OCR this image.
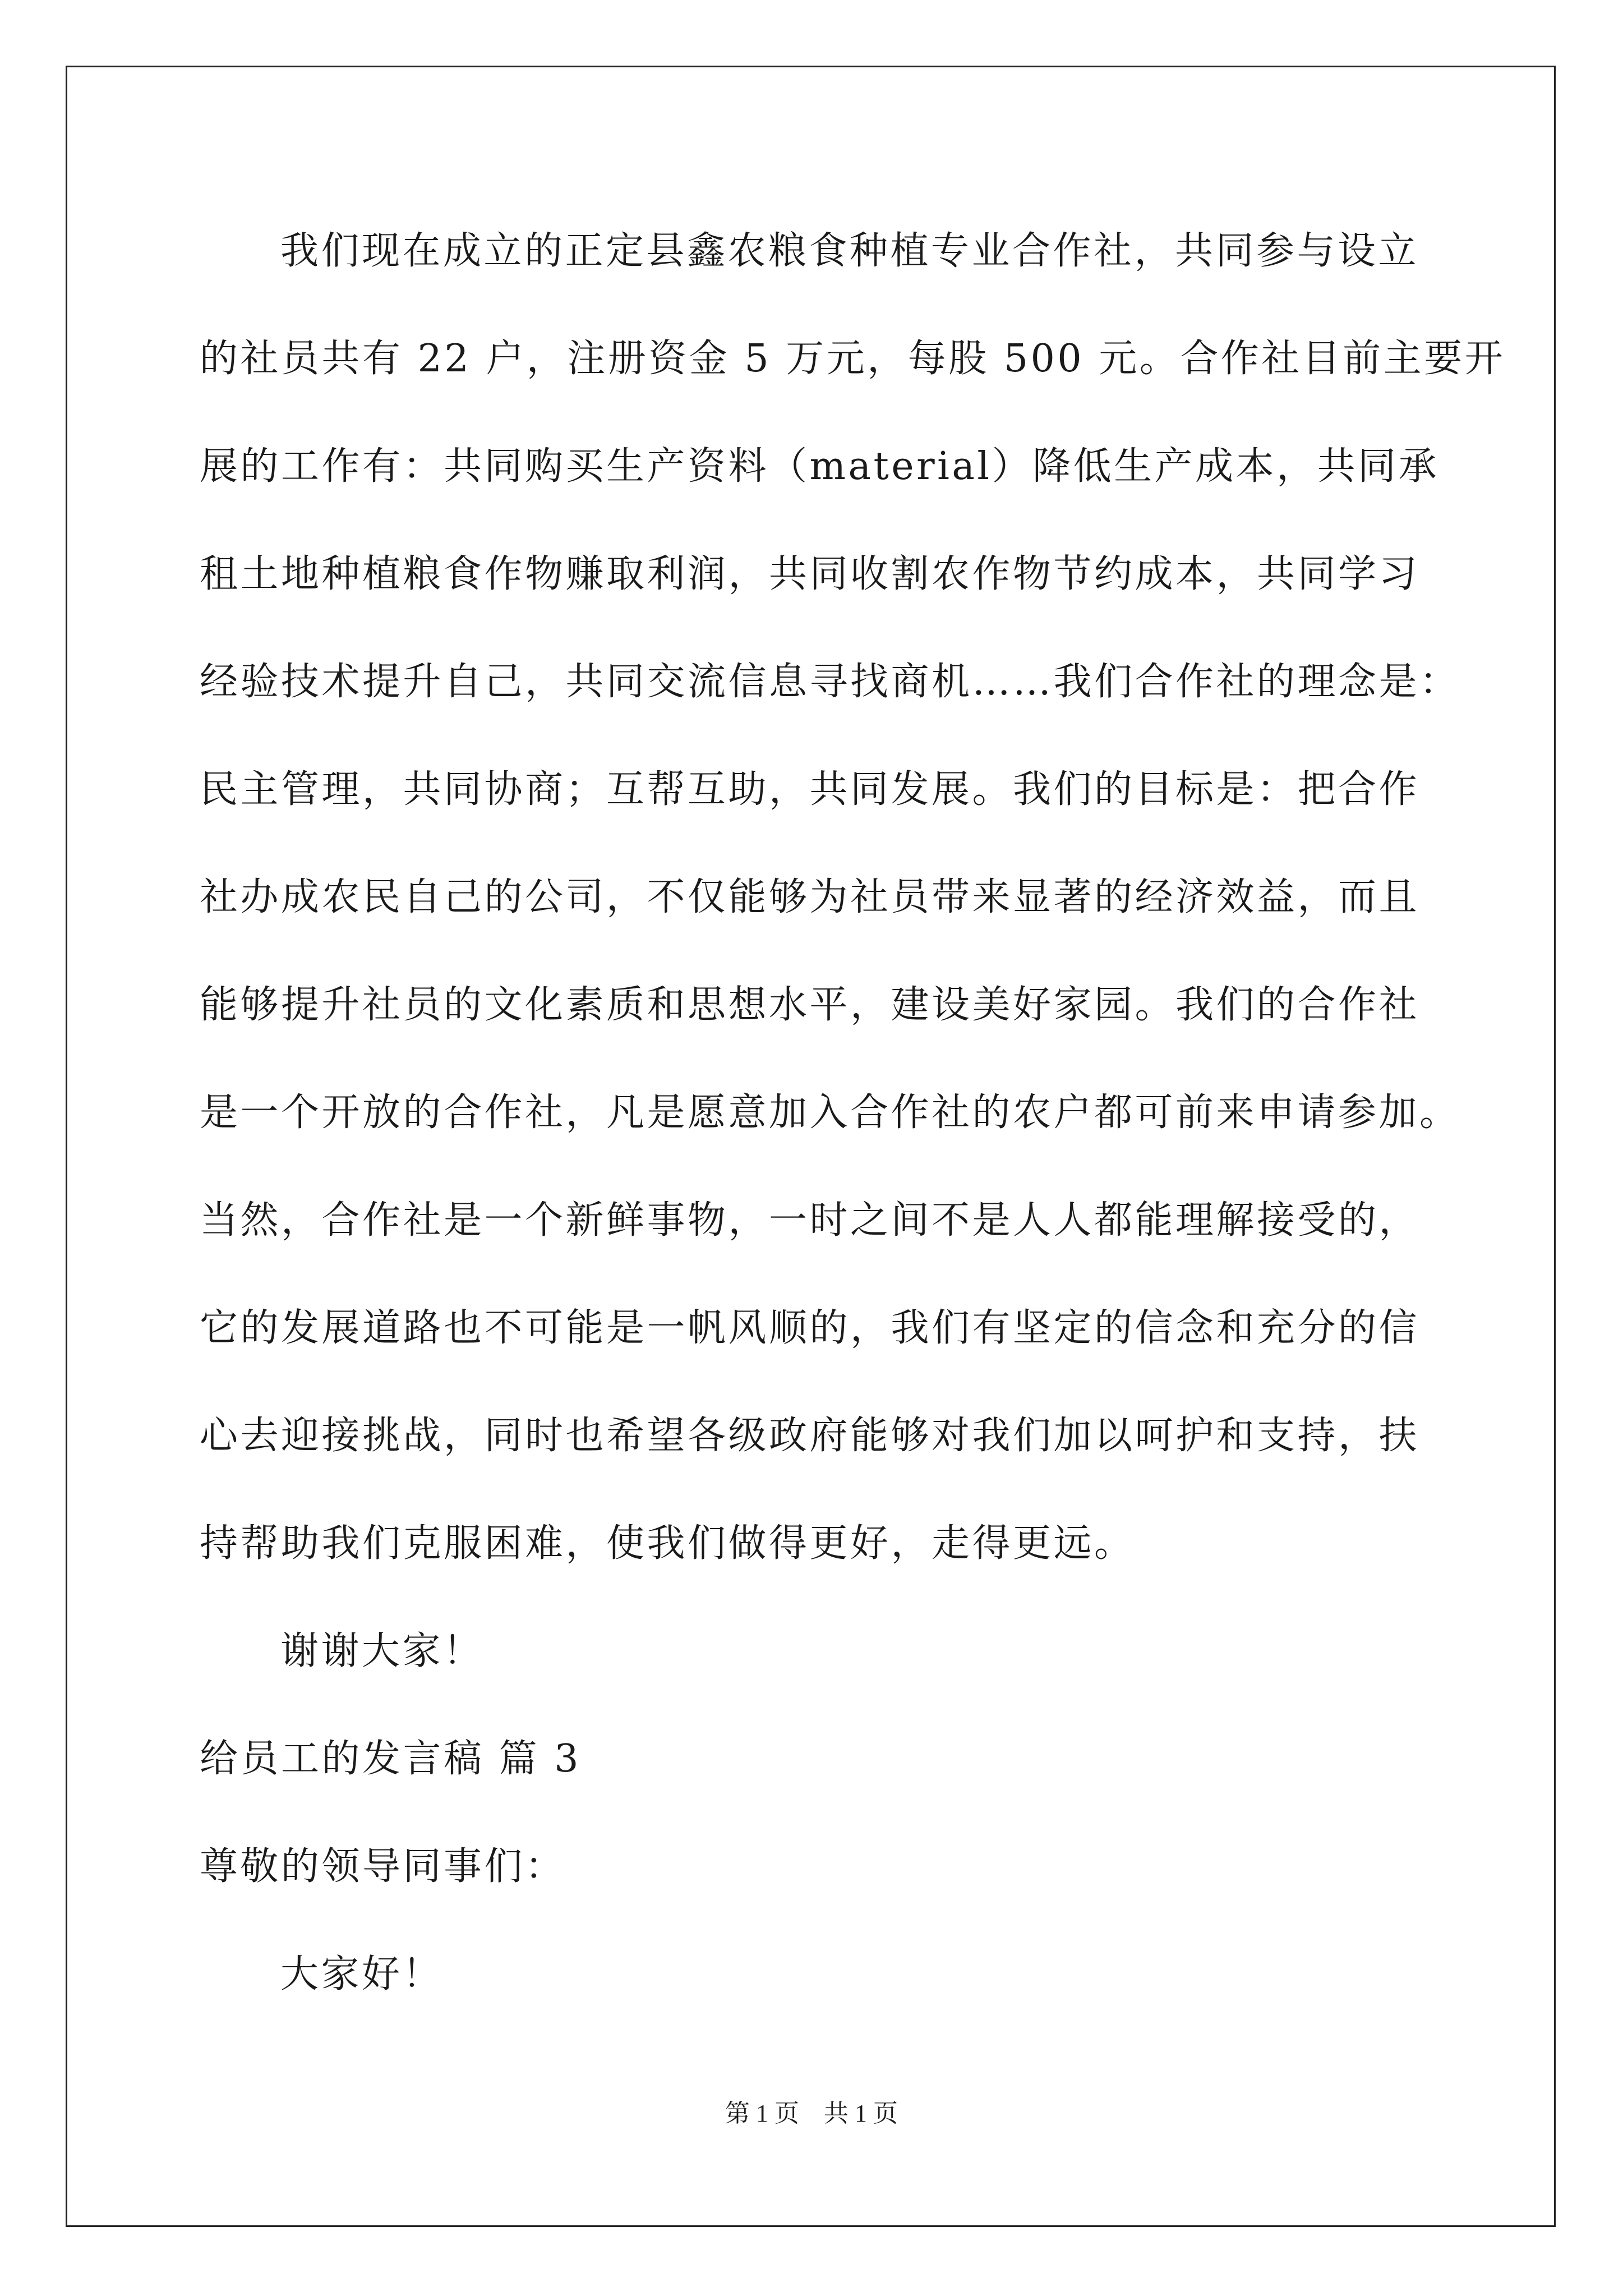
我们现在成立的正定县鑫农粮食种植专业合作社，共同参与设立
的社员共有 22 户，注册资金 5 万元，每股 500 元。合作社目前主要开
展的工作有：共同购买生产资料（material）降低生产成本，共同承
租土地种植粮食作物赚取利润，共同收割农作物节约成本，共同学习
经验技术提升自己，共同交流信息寻找商机……我们合作社的理念是：
民主管理，共同协商；互帮互助，共同发展。我们的目标是：把合作
社办成农民自己的公司，不仅能够为社员带来显著的经济效益，而且
能够提升社员的文化素质和思想水平，建设美好家园。我们的合作社
是一个开放的合作社，凡是愿意加入合作社的农户都可前来申请参加。
当然，合作社是一个新鲜事物，一时之间不是人人都能理解接受的，
它的发展道路也不可能是一帆风顺的，我们有坚定的信念和充分的信
心去迎接挑战，同时也希望各级政府能够对我们加以呵护和支持，扶
持帮助我们克服困难，使我们做得更好，走得更远。
谢谢大家！
给员工的发言稿 篇 3
尊敬的领导同事们：
大家好！
第 1 页 共 1 页
